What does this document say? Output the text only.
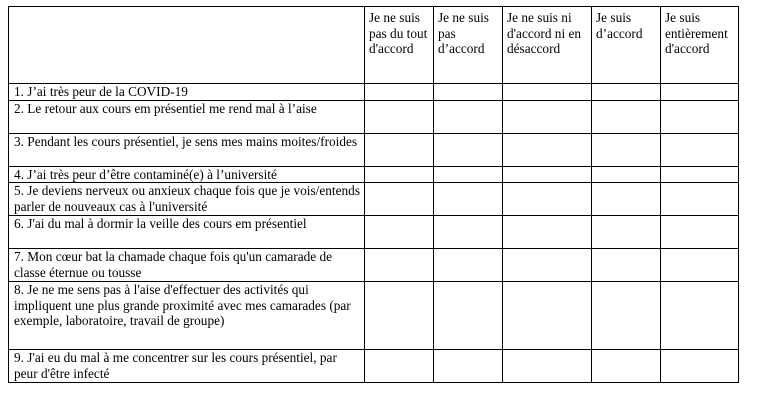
	Je ne suis pas du tout d'accord	Je ne suis pas d’accord	Je ne suis ni d'accord ni en désaccord	Je suis d’accord	Je suis entièrement d'accord
1. J’ai très peur de la COVID-19					
2. Le retour aux cours em présentiel me rend mal à l’aise					
3. Pendant les cours présentiel, je sens mes mains moites/froides					
4. J’ai très peur d’être contaminé(e) à l’université					
5. Je deviens nerveux ou anxieux chaque fois que je vois/entends parler de nouveaux cas à l'université					
6. J'ai du mal à dormir la veille des cours em présentiel					
7. Mon cœur bat la chamade chaque fois qu'un camarade de classe éternue ou tousse					
8. Je ne me sens pas à l'aise d'effectuer des activités qui impliquent une plus grande proximité avec mes camarades (par exemple, laboratoire, travail de groupe)					
9. J'ai eu du mal à me concentrer sur les cours présentiel, par peur d'être infecté					
